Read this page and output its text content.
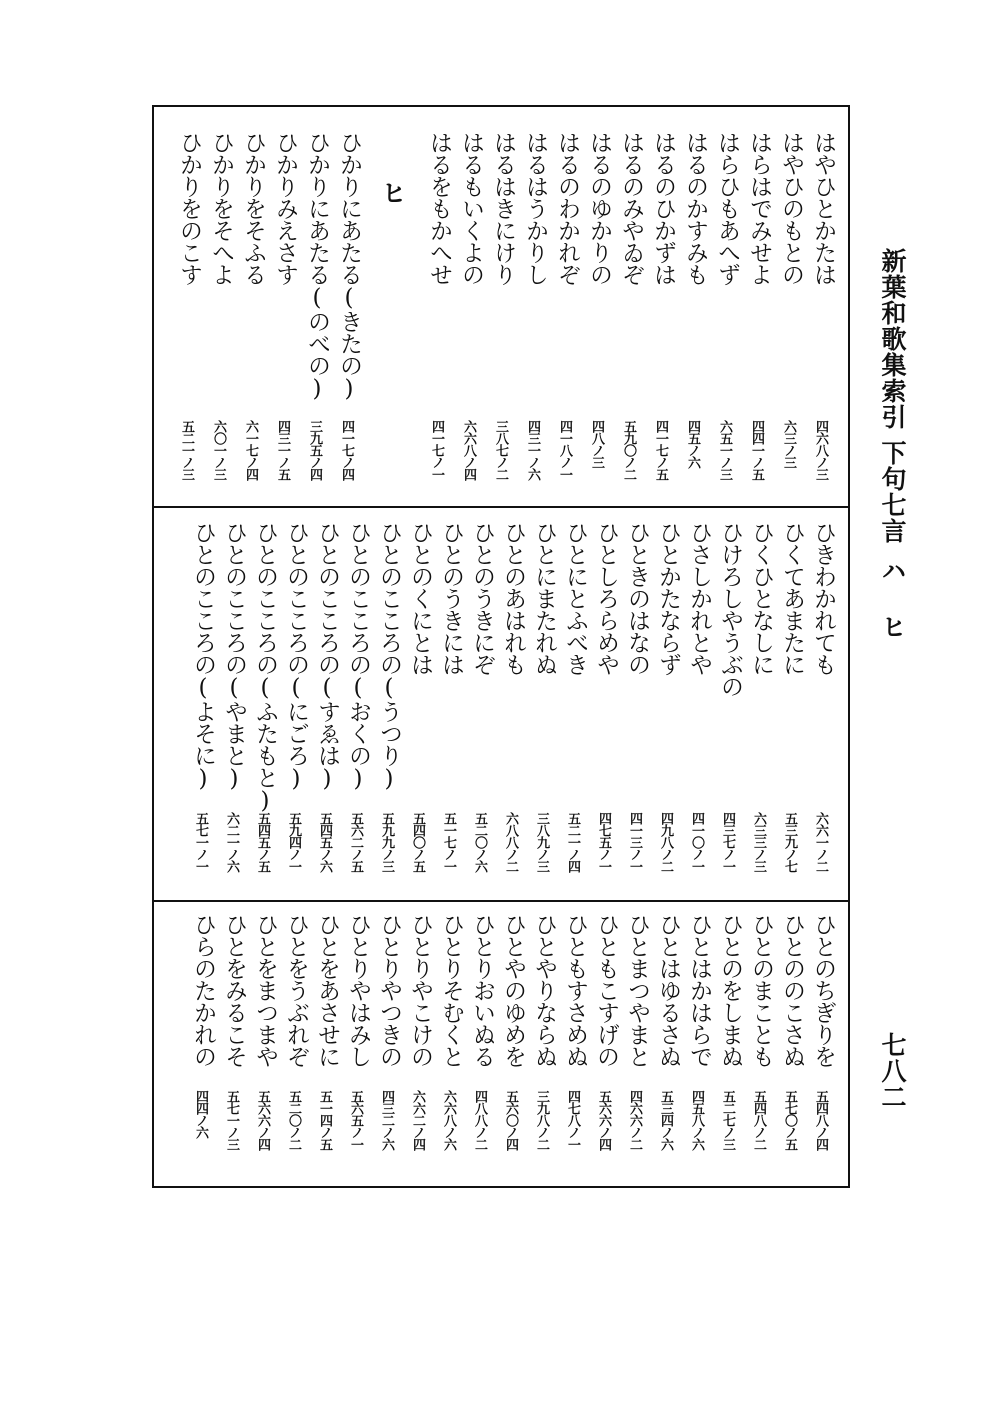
新葉和歌集索引下句七言ハ ヒ
七八二
はやひとかたは
はやひのもとの
はらはでみせよ
はらひもあへず
はるのかすみも
はるのひかずは
はるのみやゐぞ
はるのゆかりの
はるのわかれぞ
はるはうかりし
はるはきにけり
はるもいくよの
はるをもかへせ
ヒ
ひかりにあたる(きたの)
ひかりにあたる(のべの)
ひかりみえさす
ひかりをそふる
ひかりをそへよ
ひかりをのこす
四六八ノ三
六三ノ三
四四一ノ五
六五一ノ三
四五ノ六
四一七ノ五
五九〇ノ二
四八ノ三
四一八ノ一
四三一ノ六
三八七ノ二
六六八ノ四
四一七ノ一
四一七ノ四
三九五ノ四
四三一ノ五
六一七ノ四
六〇一ノ三
五二一ノ三
ひきわかれても
ひくてあまたに
ひくひとなしに
ひけろしやうぶの
ひさしかれとや
ひとかたならず
ひときのはなの
ひとしろらめや
ひとにとふべき
ひとにまたれぬ
ひとのあはれも
ひとのうきにぞ
ひとのうきには
ひとのくにとは
ひとのこころの(うつり)
ひとのこころの(おくの)
ひとのこころの(すゑは)
ひとのこころの(にごろ)
ひとのこころの(ふたもと)
ひとのこころの(やまと)
ひとのこころの(よそに)
六六一ノ二
五三九ノ七
六三三ノ三
四三七ノ一
四一〇ノ一
四九八ノ二
四一三ノ一
四七五ノ一
五二一ノ四
三八九ノ三
六八八ノ二
五二〇ノ六
五一七ノ一
五四〇ノ五
五九九ノ三
五六二ノ五
五四五ノ六
五九四ノ一
五四五ノ五
六二一ノ六
五七一ノ一
ひとのちぎりを
ひとののこさぬ
ひとのまことも
ひとのをしまぬ
ひとはかはらで
ひとはゆるさぬ
ひとまつやまと
ひともこすげの
ひともすさめぬ
ひとやりならぬ
ひとやのゆめを
ひとりおいぬる
ひとりそむくと
ひとりやこけの
ひとりやつきの
ひとりやはみし
ひとをあさせに
ひとをうぶれぞ
ひとをまつまや
ひとをみるこそ
ひらのたかれの
五四八ノ四
五七〇ノ五
五四八ノ二
五二七ノ三
四五八ノ六
五三四ノ六
四六六ノ二
五六六ノ四
四七八ノ一
三九八ノ二
五六〇ノ四
四八八ノ二
六六八ノ六
六六二ノ四
四三二ノ六
五六五ノ一
五一四ノ五
五二〇ノ二
五六六ノ四
五七一ノ三
四四ノ六
